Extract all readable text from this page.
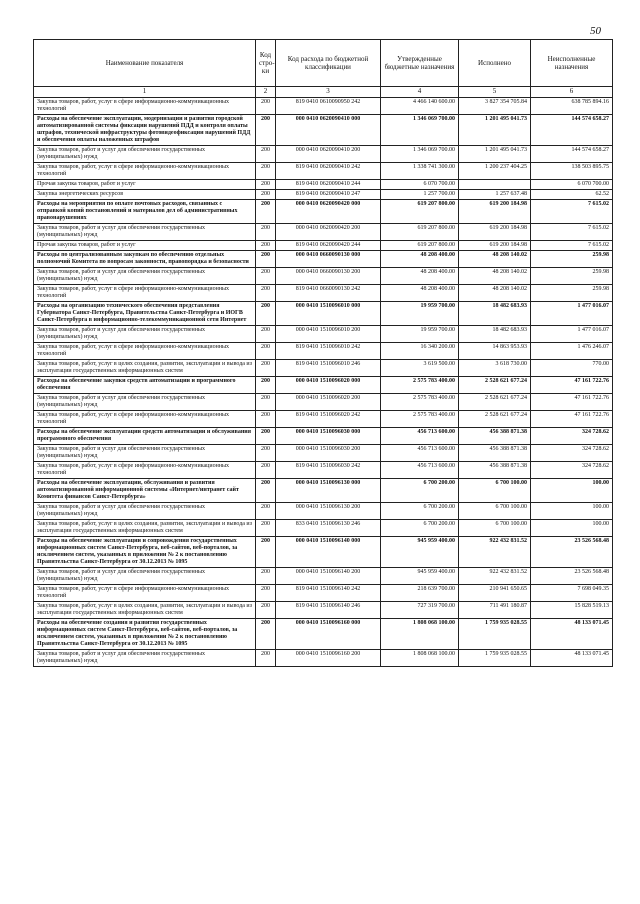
50
Наименование показателя	Код стро-ки	Код расхода по бюджетной классификации	Утвержденные бюджетные назначения	Исполнено	Неисполненные назначения
1	2	3	4	5	6
Закупка товаров, работ, услуг в сфере информационно-коммуникационных технологий	200	819 0410 0610090950 242	4 466 140 600.00	3 827 354 705.84	638 785 894.16
Расходы на обеспечение эксплуатации, модернизации и развития городской автоматизированной системы фиксации нарушений ПДД и контроля оплаты штрафов, технической инфраструктуры фотовидеофиксации нарушений ПДД и обеспечения оплаты наложенных штрафов	200	000 0410 0620090410 000	1 346 069 700.00	1 201 495 041.73	144 574 658.27
Закупка товаров, работ и услуг для обеспечения государственных (муниципальных) нужд	200	000 0410 0620090410 200	1 346 069 700.00	1 201 495 041.73	144 574 658.27
Закупка товаров, работ, услуг в сфере информационно-коммуникационных технологий	200	819 0410 0620090410 242	1 338 741 300.00	1 200 237 404.25	138 503 895.75
Прочая закупка товаров, работ и услуг	200	819 0410 0620090410 244	6 070 700.00		6 070 700.00
Закупка энергетических ресурсов	200	819 0410 0620090410 247	1 257 700.00	1 257 637.48	62.52
Расходы на мероприятия по оплате почтовых расходов, связанных с отправкой копий постановлений и материалов дел об административных правонарушениях	200	000 0410 0620090420 000	619 207 800.00	619 200 184.98	7 615.02
Закупка товаров, работ и услуг для обеспечения государственных (муниципальных) нужд	200	000 0410 0620090420 200	619 207 800.00	619 200 184.98	7 615.02
Прочая закупка товаров, работ и услуг	200	819 0410 0620090420 244	619 207 800.00	619 200 184.98	7 615.02
Расходы по централизованным закупкам по обеспечению отдельных полномочий Комитета по вопросам законности, правопорядка и безопасности	200	000 0410 0660090130 000	48 208 400.00	48 208 140.02	259.98
Закупка товаров, работ и услуг для обеспечения государственных (муниципальных) нужд	200	000 0410 0660090130 200	48 208 400.00	48 208 140.02	259.98
Закупка товаров, работ, услуг в сфере информационно-коммуникационных технологий	200	819 0410 0660090130 242	48 208 400.00	48 208 140.02	259.98
Расходы на организацию технического обеспечения представления Губернатора Санкт-Петербурга, Правительства Санкт-Петербурга и ИОГВ Санкт-Петербурга в информационно-телекоммуникационной сети Интернет	200	000 0410 1510096010 000	19 959 700.00	18 482 683.93	1 477 016.07
Закупка товаров, работ и услуг для обеспечения государственных (муниципальных) нужд	200	000 0410 1510096010 200	19 959 700.00	18 482 683.93	1 477 016.07
Закупка товаров, работ, услуг в сфере информационно-коммуникационных технологий	200	819 0410 1510096010 242	16 340 200.00	14 863 953.93	1 476 246.07
Закупка товаров, работ, услуг в целях создания, развития, эксплуатации и вывода из эксплуатации государственных информационных систем	200	819 0410 1510096010 246	3 619 500.00	3 618 730.00	770.00
Расходы на обеспечение закупки средств автоматизации и программного обеспечения	200	000 0410 1510096020 000	2 575 783 400.00	2 528 621 677.24	47 161 722.76
Закупка товаров, работ и услуг для обеспечения государственных (муниципальных) нужд	200	000 0410 1510096020 200	2 575 783 400.00	2 528 621 677.24	47 161 722.76
Закупка товаров, работ, услуг в сфере информационно-коммуникационных технологий	200	819 0410 1510096020 242	2 575 783 400.00	2 528 621 677.24	47 161 722.76
Расходы на обеспечение эксплуатации средств автоматизации и обслуживания программного обеспечения	200	000 0410 1510096030 000	456 713 600.00	456 388 871.38	324 728.62
Закупка товаров, работ и услуг для обеспечения государственных (муниципальных) нужд	200	000 0410 1510096030 200	456 713 600.00	456 388 871.38	324 728.62
Закупка товаров, работ, услуг в сфере информационно-коммуникационных технологий	200	819 0410 1510096030 242	456 713 600.00	456 388 871.38	324 728.62
Расходы на обеспечение эксплуатации, обслуживания и развития автоматизированной информационной системы «Интернет/интранет сайт Комитета финансов Санкт-Петербурга»	200	000 0410 1510096130 000	6 700 200.00	6 700 100.00	100.00
Закупка товаров, работ и услуг для обеспечения государственных (муниципальных) нужд	200	000 0410 1510096130 200	6 700 200.00	6 700 100.00	100.00
Закупка товаров, работ, услуг в целях создания, развития, эксплуатации и вывода из эксплуатации государственных информационных систем	200	833 0410 1510096130 246	6 700 200.00	6 700 100.00	100.00
Расходы на обеспечение эксплуатации и сопровождения государственных информационных систем Санкт-Петербурга, веб-сайтов, веб-порталов, за исключением систем, указанных в приложении № 2 к постановлению Правительства Санкт-Петербурга от 30.12.2013 № 1095	200	000 0410 1510096140 000	945 959 400.00	922 432 831.52	23 526 568.48
Закупка товаров, работ и услуг для обеспечения государственных (муниципальных) нужд	200	000 0410 1510096140 200	945 959 400.00	922 432 831.52	23 526 568.48
Закупка товаров, работ, услуг в сфере информационно-коммуникационных технологий	200	819 0410 1510096140 242	218 639 700.00	210 941 650.65	7 698 049.35
Закупка товаров, работ, услуг в целях создания, развития, эксплуатации и вывода из эксплуатации государственных информационных систем	200	819 0410 1510096140 246	727 319 700.00	711 491 180.87	15 828 519.13
Расходы на обеспечение создания и развития государственных информационных систем Санкт-Петербурга, веб-сайтов, веб-порталов, за исключением систем, указанных в приложении № 2 к постановлению Правительства Санкт-Петербурга от 30.12.2013 № 1095	200	000 0410 1510096160 000	1 808 068 100.00	1 759 935 028.55	48 133 071.45
Закупка товаров, работ и услуг для обеспечения государственных (муниципальных) нужд	200	000 0410 1510096160 200	1 808 068 100.00	1 759 935 028.55	48 133 071.45
